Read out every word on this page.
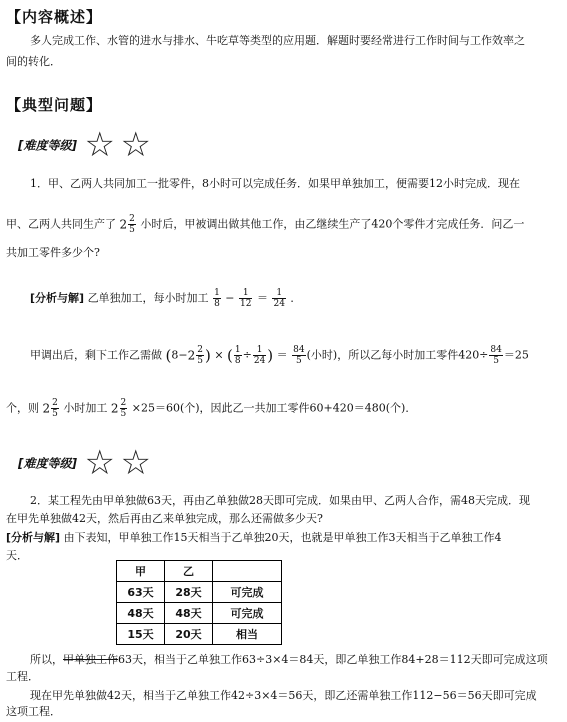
【内容概述】
多人完成工作、水管的进水与排水、牛吃草等类型的应用题．解题时要经常进行工作时间与工作效率之
间的转化．
【典型问题】
[难度等级] ☆ ☆
1．甲、乙两人共同加工一批零件，8小时可以完成任务．如果甲单独加工，便需要12小时完成．现在
甲、乙两人共同生产了 $2 \frac{2}{5}$ 小时后，甲被调出做其他工作，由乙继续生产了420个零件才完成任务．问乙一
共加工零件多少个?
[分析与解] 乙单独加工，每小时加工 $\frac{1}{8} - \frac{1}{12} = \frac{1}{24}$ ．
甲调出后，剩下工作乙需做 ($8-2 \frac{2}{5}$ ) × ( $\frac{1}{8} \div \frac{1}{24}$ ) ＝ $\frac{84}{5}$ (小时)，所以乙每小时加工零件$420\div \frac{84}{5} =25$
个，则 $2 \frac{2}{5}$ 小时加工 $2 \frac{2}{5} \times 25=60$(个)，因此乙一共加工零件60+420＝480(个)．
[难度等级] ☆ ☆
2．某工程先由甲单独做63天，再由乙单独做28天即可完成．如果由甲、乙两人合作，需48天完成．现
在甲先单独做42天，然后再由乙来单独完成，那么还需做多少天?
[分析与解] 由下表知，甲单独工作15天相当于乙单独20天，也就是甲单独工作3天相当于乙单独工作4
天．
甲	乙	
63天	28天	可完成
48天	48天	可完成
15天	20天	相当
所以，甲单独工作63天，相当于乙单独工作63÷3×4＝84天，即乙单独工作84+28＝112天即可完成这项
工程．
现在甲先单独做42天，相当于乙单独工作42÷3×4＝56天，即乙还需单独工作112−56＝56天即可完成
这项工程．
